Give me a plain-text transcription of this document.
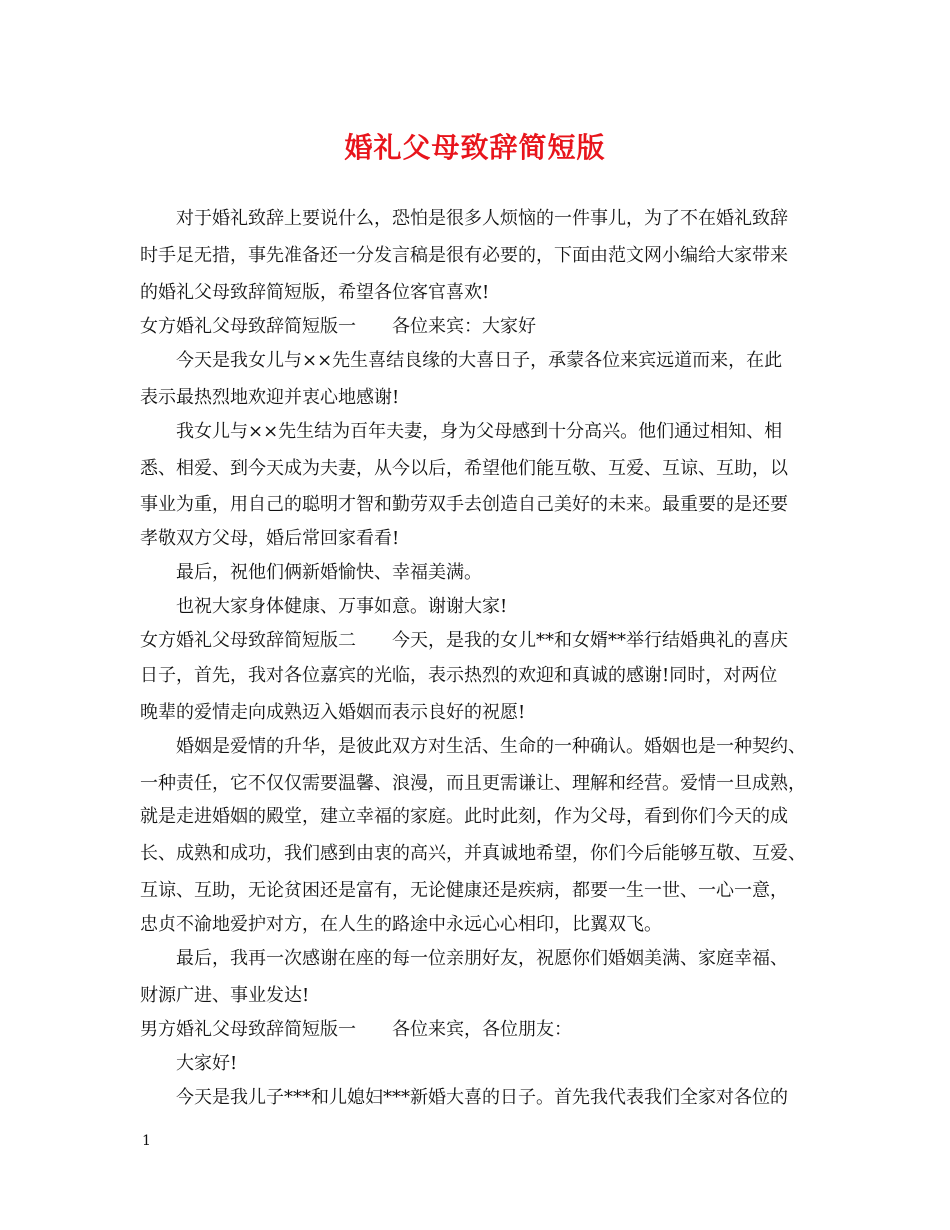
婚礼父母致辞简短版
　　对于婚礼致辞上要说什么，恐怕是很多人烦恼的一件事儿，为了不在婚礼致辞
时手足无措，事先准备还一分发言稿是很有必要的，下面由范文网小编给大家带来
的婚礼父母致辞简短版，希望各位客官喜欢!
女方婚礼父母致辞简短版一　　各位来宾：大家好
　　今天是我女儿与××先生喜结良缘的大喜日子，承蒙各位来宾远道而来，在此
表示最热烈地欢迎并衷心地感谢!
　　我女儿与××先生结为百年夫妻，身为父母感到十分高兴。他们通过相知、相
悉、相爱、到今天成为夫妻，从今以后，希望他们能互敬、互爱、互谅、互助，以
事业为重，用自己的聪明才智和勤劳双手去创造自己美好的未来。最重要的是还要
孝敬双方父母，婚后常回家看看!
　　最后，祝他们俩新婚愉快、幸福美满。
　　也祝大家身体健康、万事如意。谢谢大家!
女方婚礼父母致辞简短版二　　今天，是我的女儿**和女婿**举行结婚典礼的喜庆
日子，首先，我对各位嘉宾的光临，表示热烈的欢迎和真诚的感谢!同时，对两位
晚辈的爱情走向成熟迈入婚姻而表示良好的祝愿!
　　婚姻是爱情的升华，是彼此双方对生活、生命的一种确认。婚姻也是一种契约、
一种责任，它不仅仅需要温馨、浪漫，而且更需谦让、理解和经营。爱情一旦成熟，
就是走进婚姻的殿堂，建立幸福的家庭。此时此刻，作为父母，看到你们今天的成
长、成熟和成功，我们感到由衷的高兴，并真诚地希望，你们今后能够互敬、互爱、
互谅、互助，无论贫困还是富有，无论健康还是疾病，都要一生一世、一心一意，
忠贞不渝地爱护对方，在人生的路途中永远心心相印，比翼双飞。
　　最后，我再一次感谢在座的每一位亲朋好友，祝愿你们婚姻美满、家庭幸福、
财源广进、事业发达!
男方婚礼父母致辞简短版一　　各位来宾，各位朋友：
　　大家好!
　　今天是我儿子***和儿媳妇***新婚大喜的日子。首先我代表我们全家对各位的
1
